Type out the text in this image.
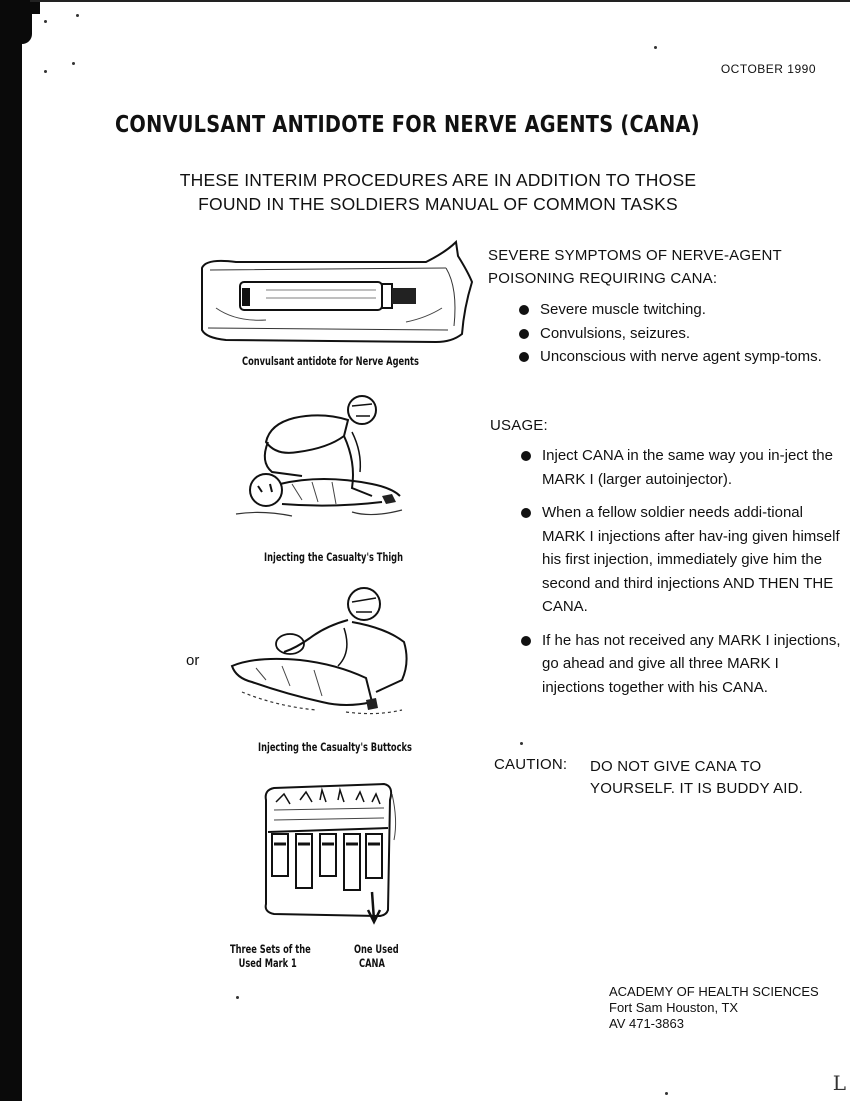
OCTOBER 1990
CONVULSANT ANTIDOTE FOR NERVE AGENTS (CANA)
THESE INTERIM PROCEDURES ARE IN ADDITION TO THOSE
FOUND IN THE SOLDIERS MANUAL OF COMMON TASKS
Convulsant antidote for Nerve Agents
Injecting the Casualty's Thigh
or
Injecting the Casualty's Buttocks
Three Sets of the
Used Mark 1
One Used
CANA
SEVERE SYMPTOMS OF NERVE-AGENT
POISONING REQUIRING CANA:
Severe muscle twitching.
Convulsions, seizures.
Unconscious with nerve agent symp-toms.
USAGE:
Inject CANA in the same way you in-ject the MARK I (larger autoinjector).
When a fellow soldier needs addi-tional MARK I injections after hav-ing given himself his first injection, immediately give him the second and third injections AND THEN THE CANA.
If he has not received any MARK I injections, go ahead and give all three MARK I injections together with his CANA.
CAUTION: DO NOT GIVE CANA TO
YOURSELF. IT IS BUDDY AID.
ACADEMY OF HEALTH SCIENCES
Fort Sam Houston, TX
AV 471-3863
L
